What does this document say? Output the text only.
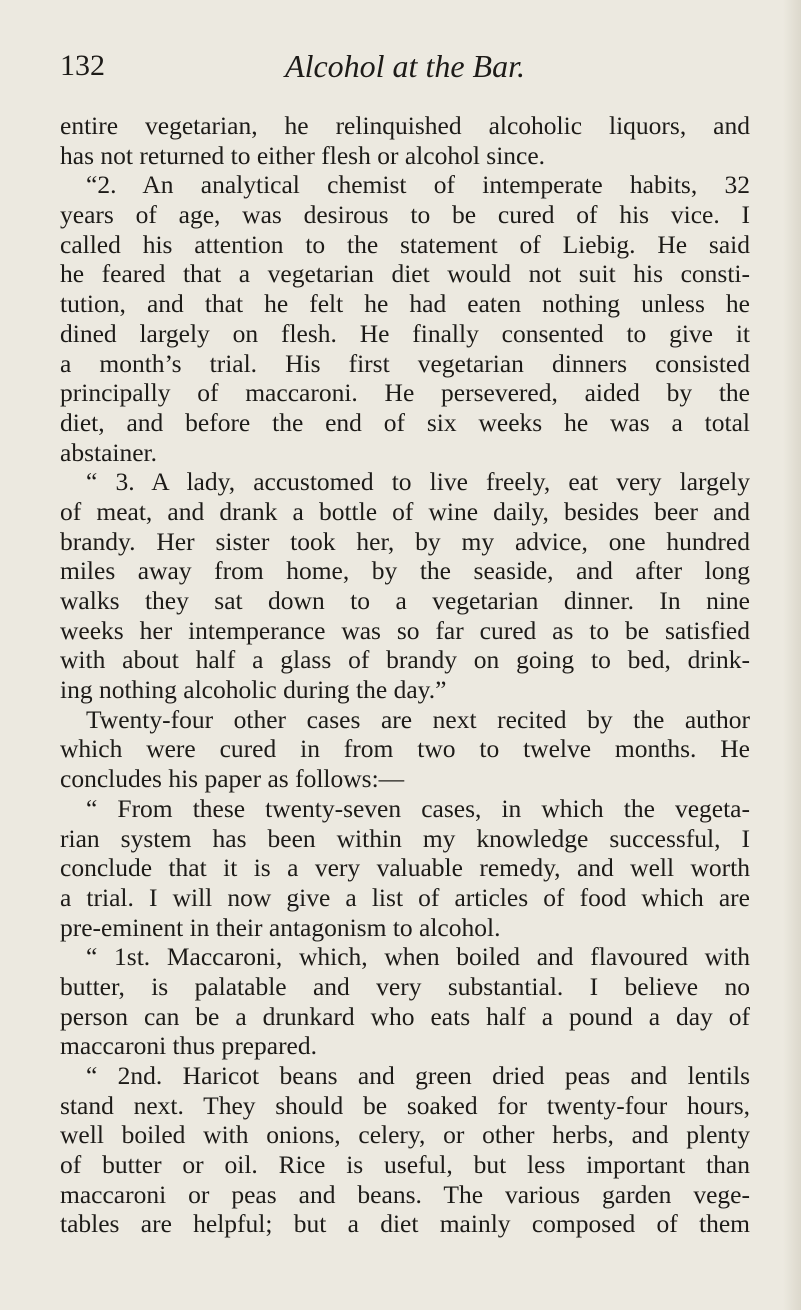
132	Alcohol at the Bar.
entire vegetarian, he relinquished alcoholic liquors, and
has not returned to either flesh or alcohol since.
“2. An analytical chemist of intemperate habits, 32
years of age, was desirous to be cured of his vice. I
called his attention to the statement of Liebig. He said
he feared that a vegetarian diet would not suit his consti-
tution, and that he felt he had eaten nothing unless he
dined largely on flesh. He finally consented to give it
a month’s trial. His first vegetarian dinners consisted
principally of maccaroni. He persevered, aided by the
diet, and before the end of six weeks he was a total
abstainer.
“ 3. A lady, accustomed to live freely, eat very largely
of meat, and drank a bottle of wine daily, besides beer and
brandy. Her sister took her, by my advice, one hundred
miles away from home, by the seaside, and after long
walks they sat down to a vegetarian dinner. In nine
weeks her intemperance was so far cured as to be satisfied
with about half a glass of brandy on going to bed, drink-
ing nothing alcoholic during the day.”
Twenty-four other cases are next recited by the author
which were cured in from two to twelve months. He
concludes his paper as follows:—
“ From these twenty-seven cases, in which the vegeta-
rian system has been within my knowledge successful, I
conclude that it is a very valuable remedy, and well worth
a trial. I will now give a list of articles of food which are
pre-eminent in their antagonism to alcohol.
“ 1st. Maccaroni, which, when boiled and flavoured with
butter, is palatable and very substantial. I believe no
person can be a drunkard who eats half a pound a day of
maccaroni thus prepared.
“ 2nd. Haricot beans and green dried peas and lentils
stand next. They should be soaked for twenty-four hours,
well boiled with onions, celery, or other herbs, and plenty
of butter or oil. Rice is useful, but less important than
maccaroni or peas and beans. The various garden vege-
tables are helpful; but a diet mainly composed of them
